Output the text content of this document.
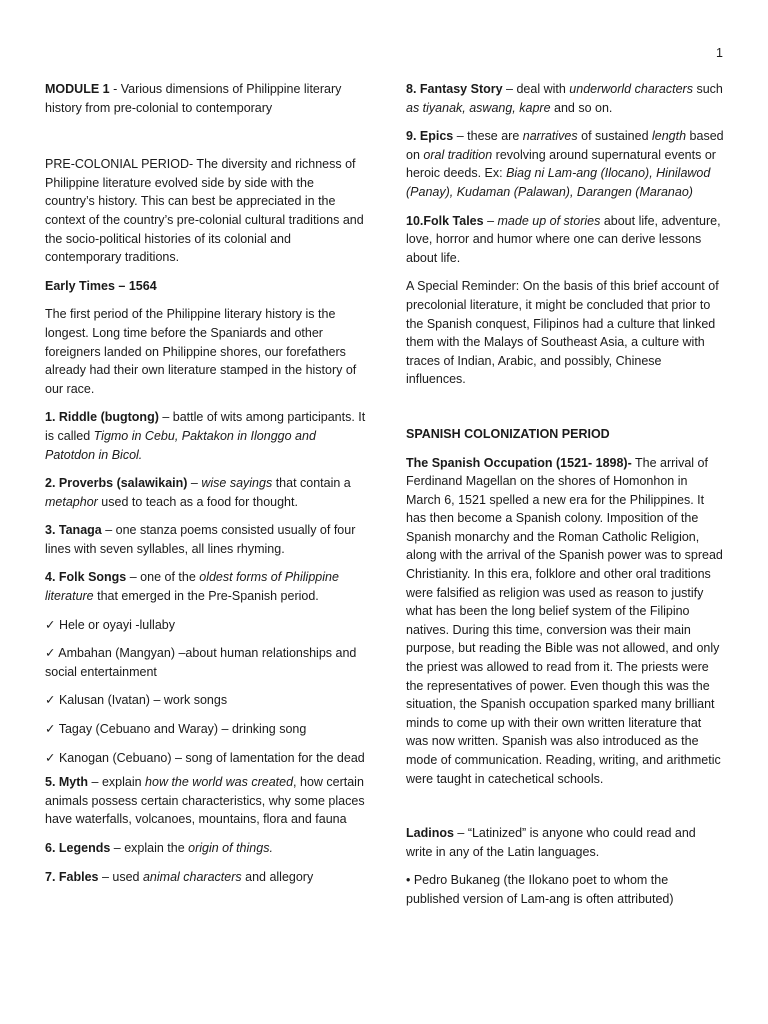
1

MODULE 1 - Various dimensions of Philippine literary history from pre-colonial to contemporary

PRE-COLONIAL PERIOD- The diversity and richness of Philippine literature evolved side by side with the country’s history. This can best be appreciated in the context of the country’s pre-colonial cultural traditions and the socio-political histories of its colonial and contemporary traditions.

Early Times – 1564

The first period of the Philippine literary history is the longest. Long time before the Spaniards and other foreigners landed on Philippine shores, our forefathers already had their own literature stamped in the history of our race.

1. Riddle (bugtong) – battle of wits among participants. It is called Tigmo in Cebu, Paktakon in Ilonggo and Patotdon in Bicol.

2. Proverbs (salawikain) – wise sayings that contain a metaphor used to teach as a food for thought.

3. Tanaga – one stanza poems consisted usually of four lines with seven syllables, all lines rhyming.

4. Folk Songs – one of the oldest forms of Philippine literature that emerged in the Pre-Spanish period.

✓ Hele or oyayi -lullaby

✓ Ambahan (Mangyan) –about human relationships and social entertainment

✓ Kalusan (Ivatan) – work songs

✓ Tagay (Cebuano and Waray) – drinking song

✓ Kanogan (Cebuano) – song of lamentation for the dead

5. Myth – explain how the world was created, how certain animals possess certain characteristics, why some places have waterfalls, volcanoes, mountains, flora and fauna

6. Legends – explain the origin of things.

7. Fables – used animal characters and allegory

8. Fantasy Story – deal with underworld characters such as tiyanak, aswang, kapre and so on.

9. Epics – these are narratives of sustained length based on oral tradition revolving around supernatural events or heroic deeds. Ex: Biag ni Lam-ang (Ilocano), Hinilawod (Panay), Kudaman (Palawan), Darangen (Maranao)

10.Folk Tales – made up of stories about life, adventure, love, horror and humor where one can derive lessons about life.

A Special Reminder: On the basis of this brief account of precolonial literature, it might be concluded that prior to the Spanish conquest, Filipinos had a culture that linked them with the Malays of Southeast Asia, a culture with traces of Indian, Arabic, and possibly, Chinese influences.

SPANISH COLONIZATION PERIOD

The Spanish Occupation (1521- 1898)- The arrival of Ferdinand Magellan on the shores of Homonhon in March 6, 1521 spelled a new era for the Philippines. It has then become a Spanish colony. Imposition of the Spanish monarchy and the Roman Catholic Religion, along with the arrival of the Spanish power was to spread Christianity. In this era, folklore and other oral traditions were falsified as religion was used as reason to justify what has been the long belief system of the Filipino natives. During this time, conversion was their main purpose, but reading the Bible was not allowed, and only the priest was allowed to read from it. The priests were the representatives of power. Even though this was the situation, the Spanish occupation sparked many brilliant minds to come up with their own written literature that was now written. Spanish was also introduced as the mode of communication. Reading, writing, and arithmetic were taught in catechetical schools.

Ladinos – “Latinized” is anyone who could read and write in any of the Latin languages.

• Pedro Bukaneg (the Ilokano poet to whom the published version of Lam-ang is often attributed)
